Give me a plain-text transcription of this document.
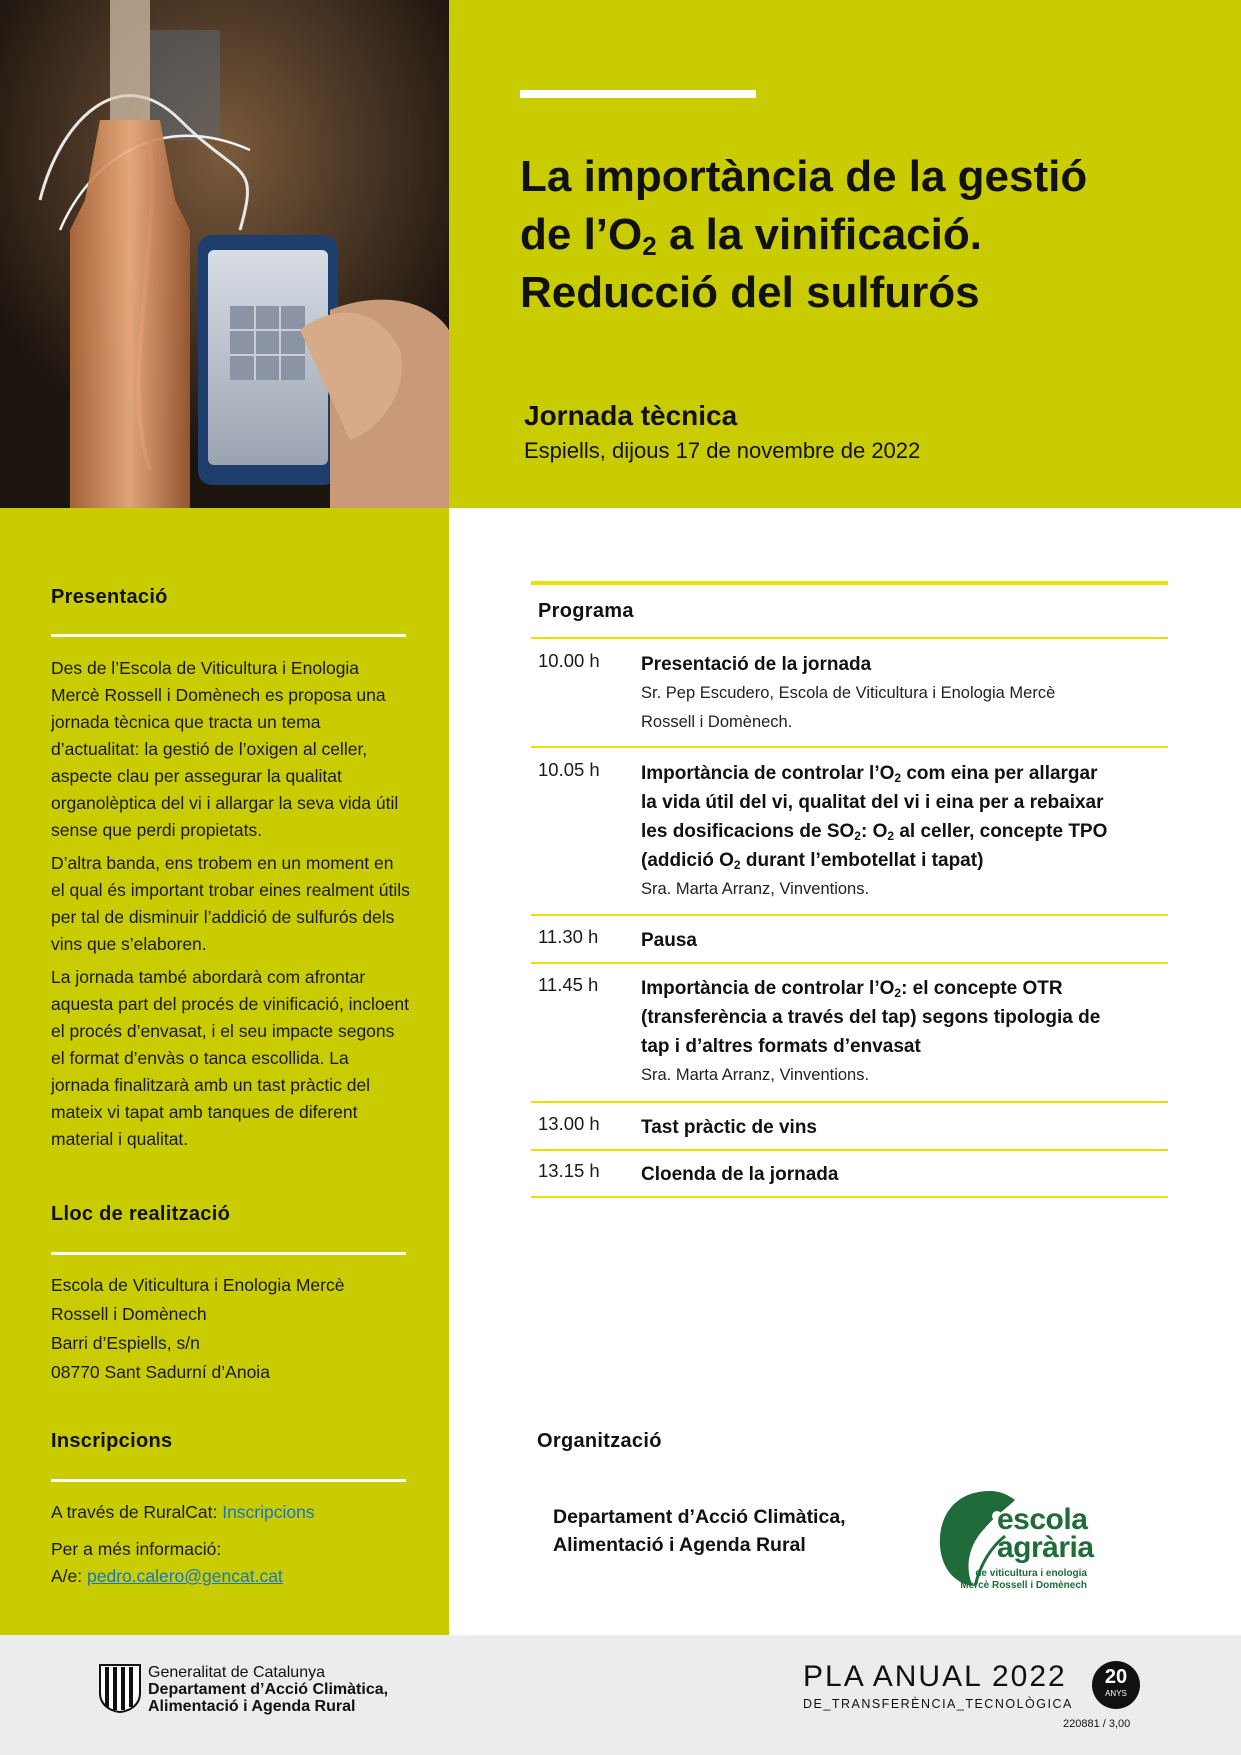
La importància de la gestió
de $l’O_2$ a la vinificació.
Reducció del sulfurós
Jornada tècnica
Espiells, dijous 17 de novembre de 2022
Presentació

Des de l’Escola de Viticultura i Enologia Mercè Rossell i Domènech es proposa una jornada tècnica que tracta un tema d’actualitat: la gestió de l’oxigen al celler, aspecte clau per assegurar la qualitat organolèptica del vi i allargar la seva vida útil sense que perdi propietats.

D’altra banda, ens trobem en un moment en el qual és important trobar eines realment útils per tal de disminuir l’addició de sulfurós dels vins que s’elaboren.

La jornada també abordarà com afrontar aquesta part del procés de vinificació, incloent el procés d’envasat, i el seu impacte segons el format d’envàs o tanca escollida. La jornada finalitzarà amb un tast pràctic del mateix vi tapat amb tanques de diferent material i qualitat.

Lloc de realització
Escola de Viticultura i Enologia Mercè
Rossell i Domènech
Barri d’Espiells, s/n
08770 Sant Sadurní d’Anoia
Inscripcions
A través de RuralCat: Inscripcions
Per a més informació:
A/e: pedro.calero@gencat.cat
Programa
10.00 h Presentació de la jornada
Sr. Pep Escudero, Escola de Viticultura i Enologia Mercè
Rossell i Domènech.
10.05 h Importància de controlar $l’O_2$ com eina per allargar
la vida útil del vi, qualitat del vi i eina per a rebaixar
les dosificacions de $SO_2$: $O_2$ al celler, concepte TPO
(addició $O_2$ durant l’embotellat i tapat)
Sra. Marta Arranz, Vinventions.
11.30 h Pausa
11.45 h Importància de controlar $l’O_2$: el concepte OTR
(transferència a través del tap) segons tipologia de
tap i d’altres formats d’envasat
Sra. Marta Arranz, Vinventions.
13.00 h Tast pràctic de vins
13.15 h Cloenda de la jornada
Organització
Departament d’Acció Climàtica,
Alimentació i Agenda Rural
escola
agrària
de viticultura i enologia
Mercè Rossell i Domènech
Generalitat de Catalunya
Departament d’Acció Climàtica,
Alimentació i Agenda Rural
PLA ANUAL 2022
DE_TRANSFERÈNCIA_TECNOLÒGICA
20
ANYS
220881 / 3,00
